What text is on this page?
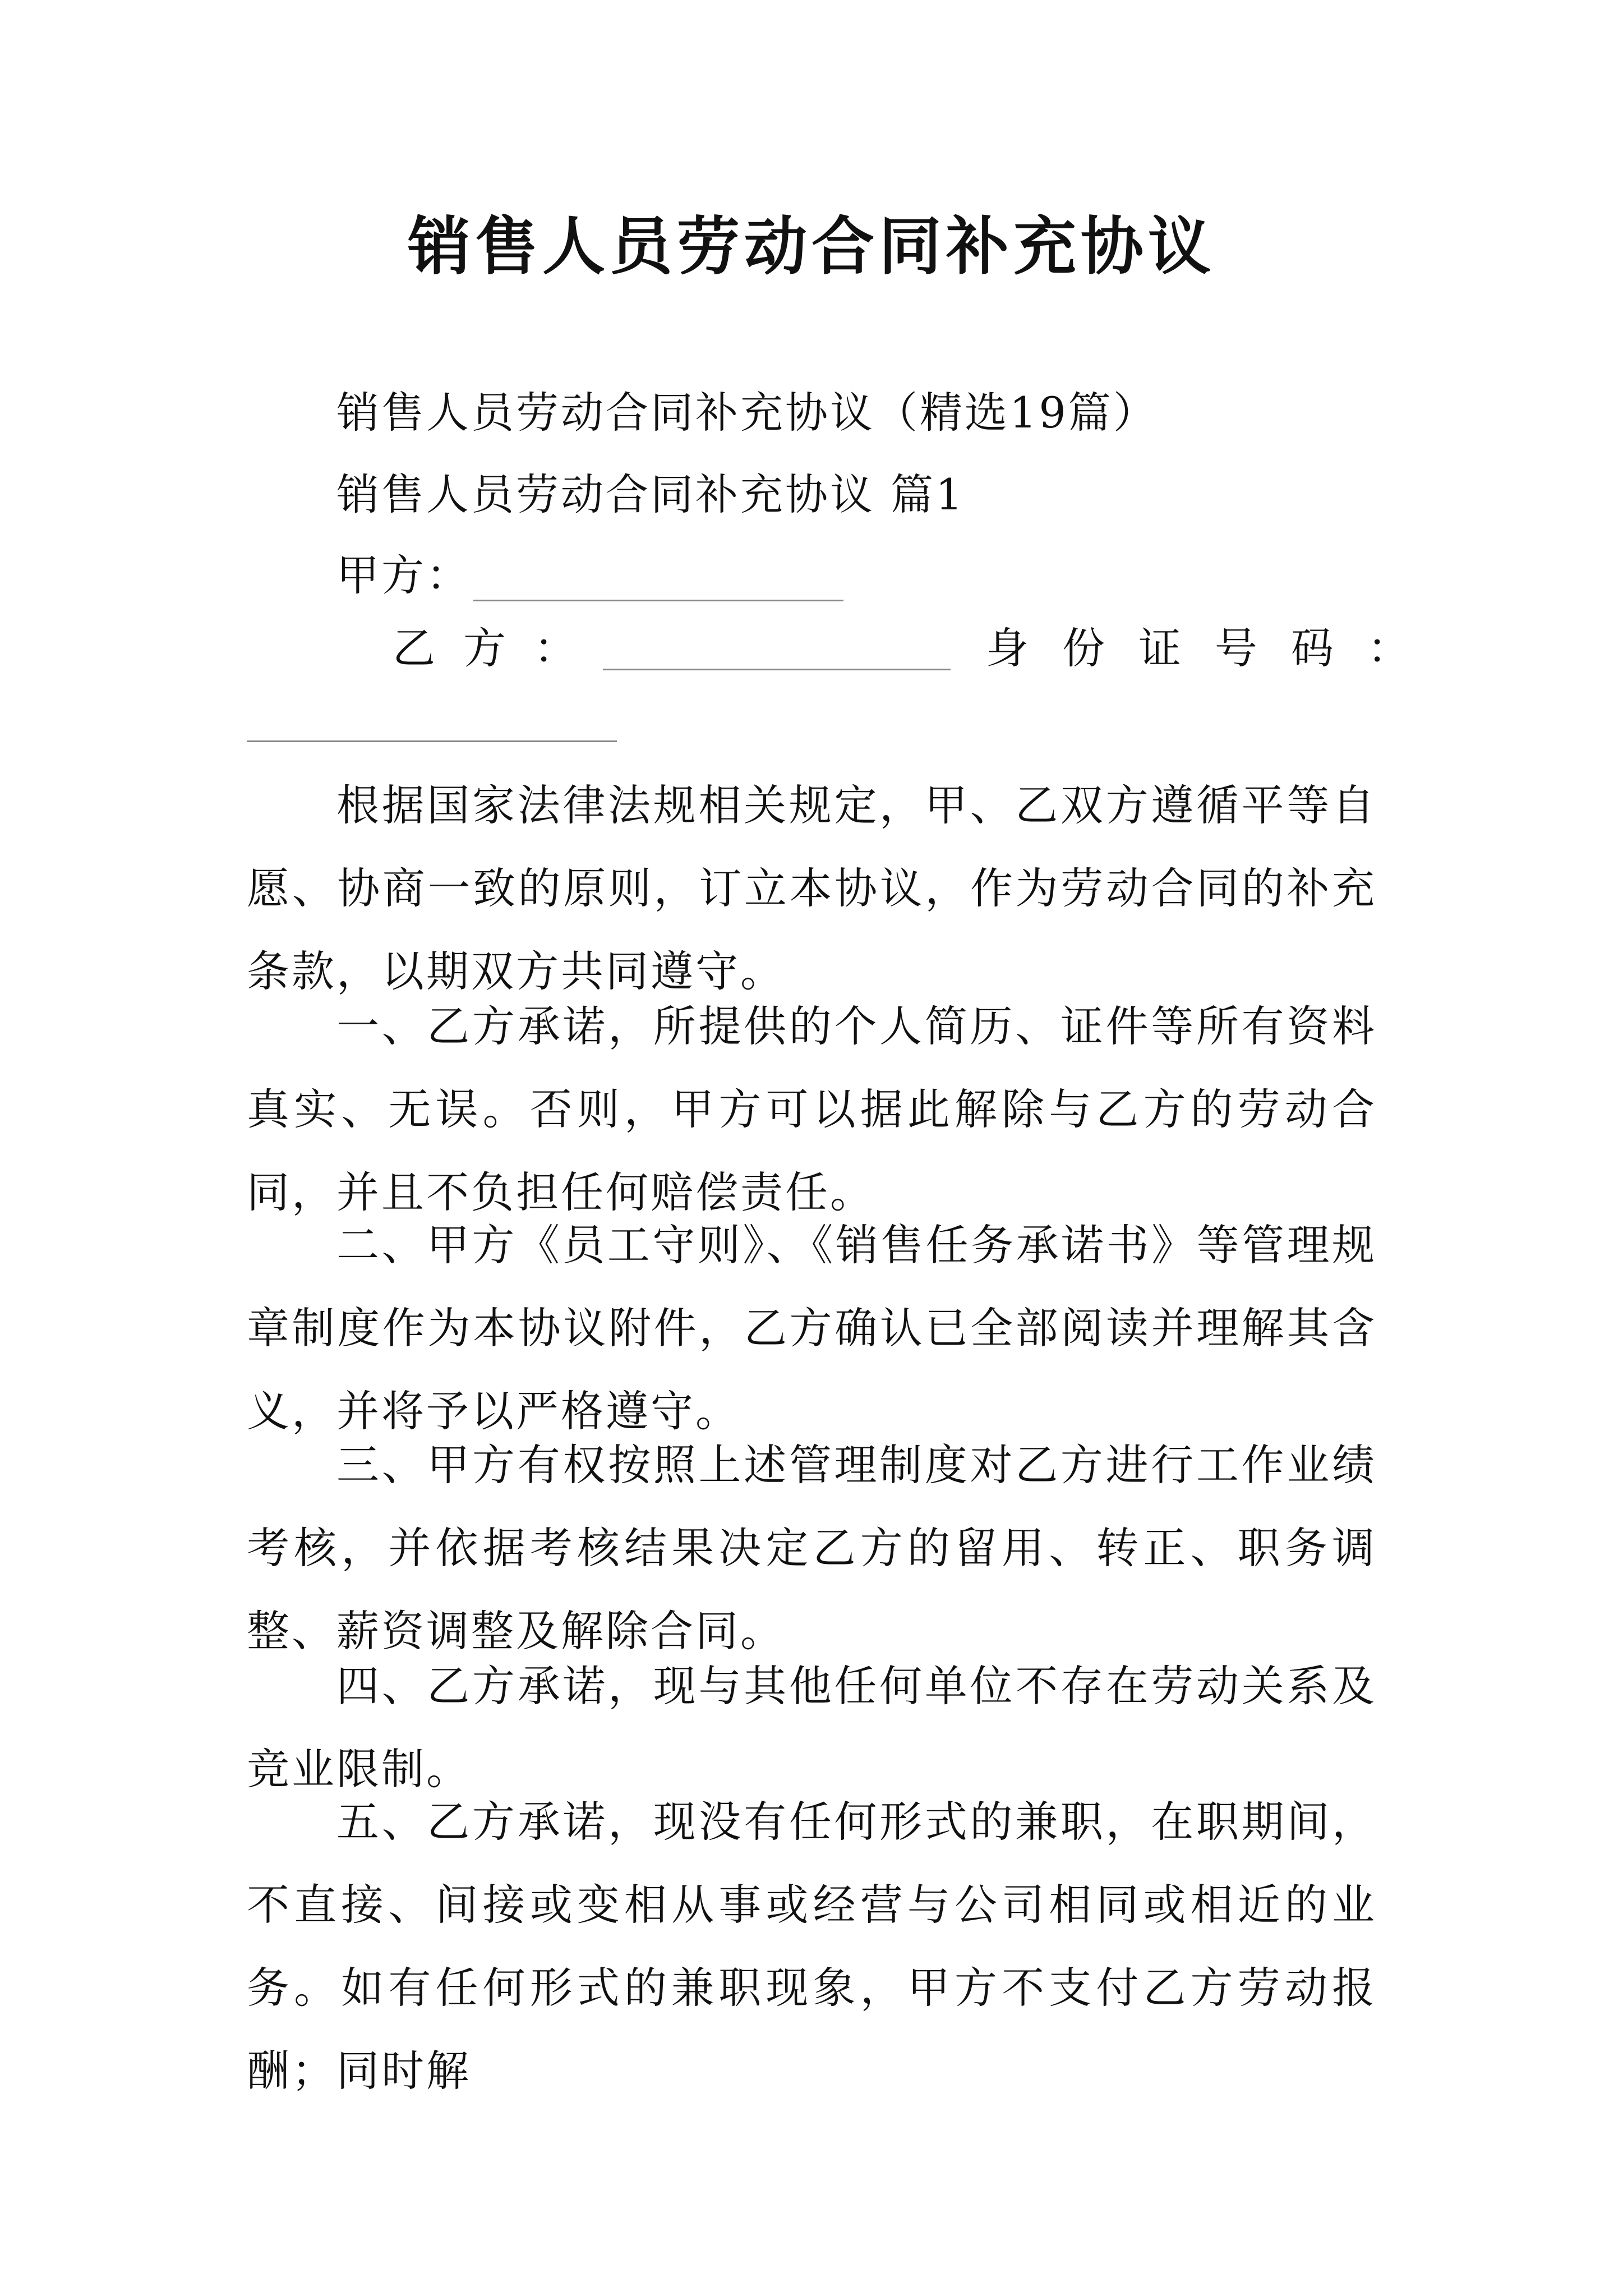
销售人员劳动合同补充协议
销售人员劳动合同补充协议（精选19篇）
销售人员劳动合同补充协议 篇1
甲方：
乙方：	身份证号码：

根据国家法律法规相关规定，甲、乙双方遵循平等自愿、协商一致的原则，订立本协议，作为劳动合同的补充条款，以期双方共同遵守。

一、乙方承诺，所提供的个人简历、证件等所有资料真实、无误。否则，甲方可以据此解除与乙方的劳动合同，并且不负担任何赔偿责任。

二、甲方《员工守则》、《销售任务承诺书》等管理规章制度作为本协议附件，乙方确认已全部阅读并理解其含义，并将予以严格遵守。

三、甲方有权按照上述管理制度对乙方进行工作业绩考核，并依据考核结果决定乙方的留用、转正、职务调整、薪资调整及解除合同。

四、乙方承诺，现与其他任何单位不存在劳动关系及竞业限制。

五、乙方承诺，现没有任何形式的兼职，在职期间，不直接、间接或变相从事或经营与公司相同或相近的业务。如有任何形式的兼职现象，甲方不支付乙方劳动报酬；同时解
